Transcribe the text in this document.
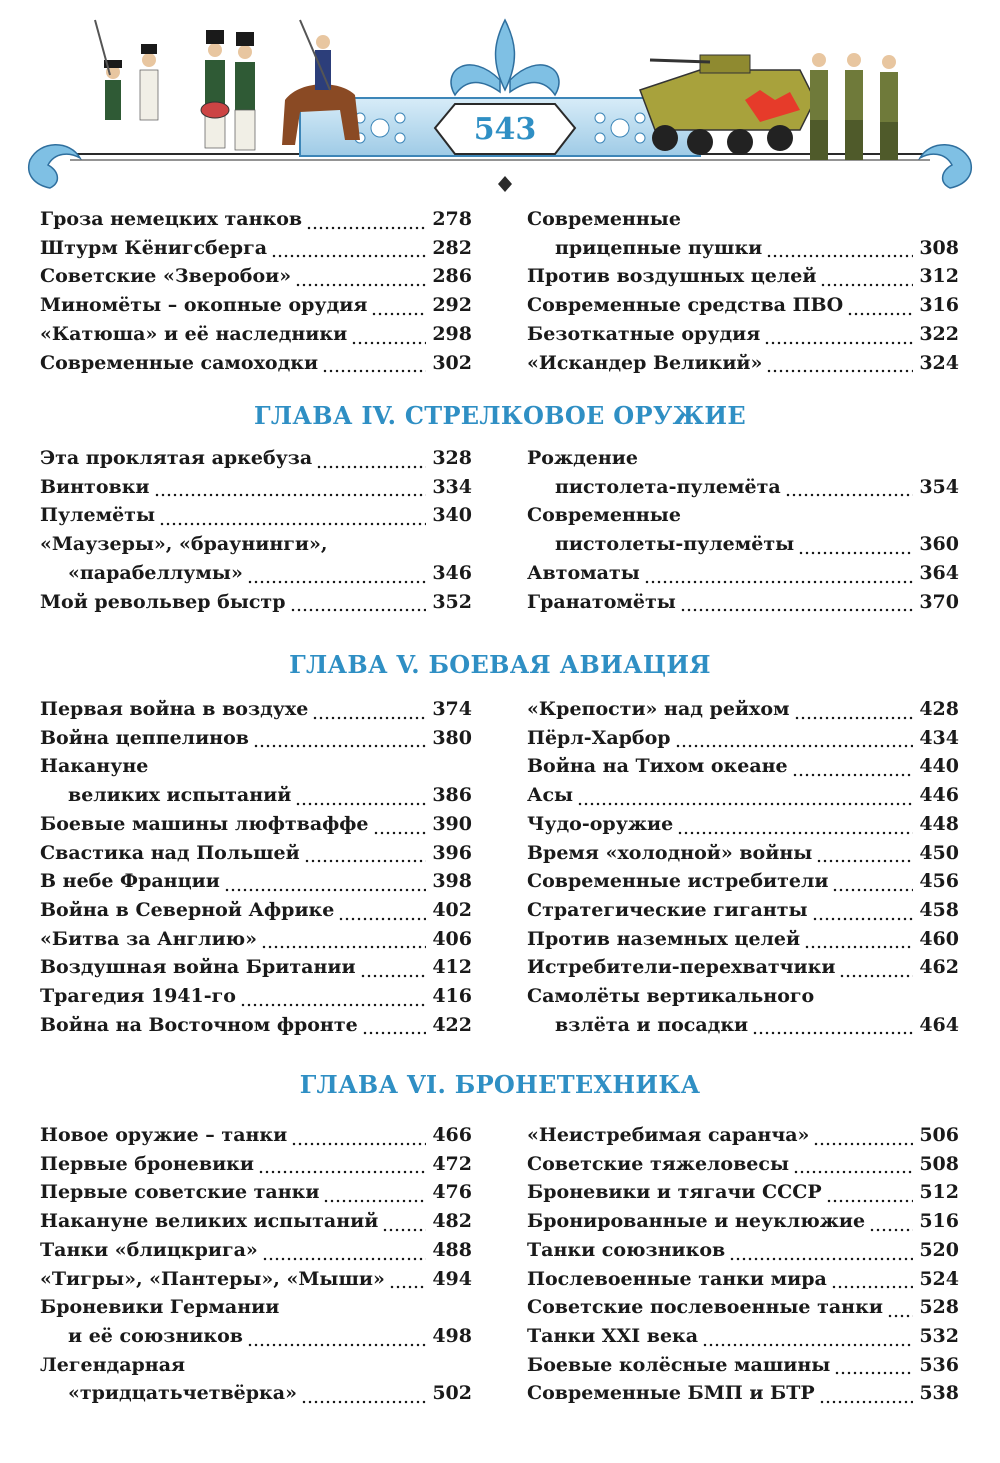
543
Гроза немецких танков	278
Штурм Кёнигсберга	282
Советские «Зверобои»	286
Миномёты – окопные орудия	292
«Катюша» и её наследники	298
Современные самоходки	302
Современные
прицепные пушки	308
Против воздушных целей	312
Современные средства ПВО	316
Безоткатные орудия	322
«Искандер Великий»	324
ГЛАВА IV. СТРЕЛКОВОЕ ОРУЖИЕ
Эта проклятая аркебуза	328
Винтовки	334
Пулемёты	340
«Маузеры», «браунинги»,
«парабеллумы»	346
Мой револьвер быстр	352
Рождение
пистолета-пулемёта	354
Современные
пистолеты-пулемёты	360
Автоматы	364
Гранатомёты	370
ГЛАВА V. БОЕВАЯ АВИАЦИЯ
Первая война в воздухе	374
Война цеппелинов	380
Накануне
великих испытаний	386
Боевые машины люфтваффе	390
Свастика над Польшей	396
В небе Франции	398
Война в Северной Африке	402
«Битва за Англию»	406
Воздушная война Британии	412
Трагедия 1941-го	416
Война на Восточном фронте	422
«Крепости» над рейхом	428
Пёрл-Харбор	434
Война на Тихом океане	440
Асы	446
Чудо-оружие	448
Время «холодной» войны	450
Современные истребители	456
Стратегические гиганты	458
Против наземных целей	460
Истребители-перехватчики	462
Самолёты вертикального
взлёта и посадки	464
ГЛАВА VI. БРОНЕТЕХНИКА
Новое оружие – танки	466
Первые броневики	472
Первые советские танки	476
Накануне великих испытаний	482
Танки «блицкрига»	488
«Тигры», «Пантеры», «Мыши» 494
Броневики Германии
и её союзников	498
Легендарная
«тридцатьчетвёрка»	502
«Неистребимая саранча»	506
Советские тяжеловесы	508
Броневики и тягачи СССР	512
Бронированные и неуклюжие	516
Танки союзников	520
Послевоенные танки мира	524
Советские послевоенные танки 528
Танки XXI века	532
Боевые колёсные машины	536
Современные БМП и БТР	538
